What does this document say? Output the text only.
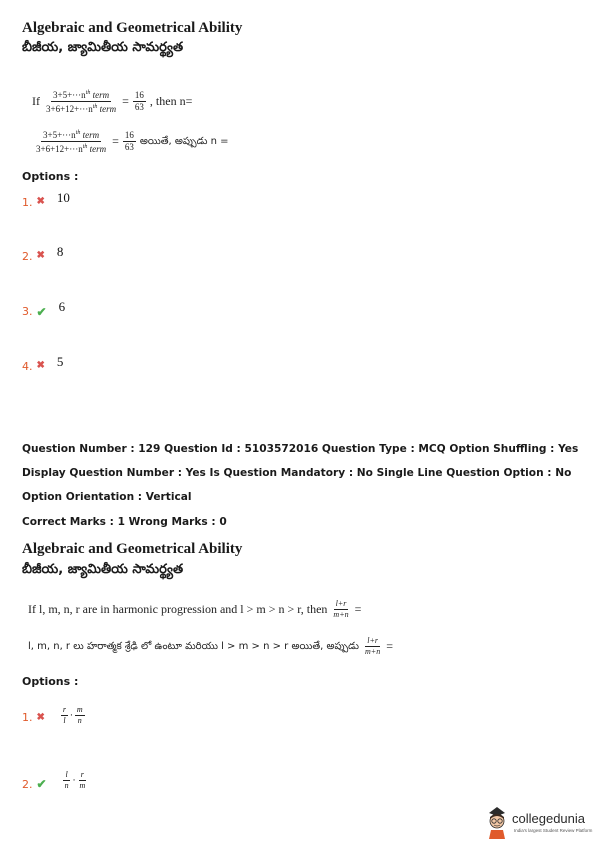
Algebraic and Geometrical Ability
బీజీయ, జ్యామితీయ సామర్థ్యత
If $\frac{3+5+\cdot\cdot\cdot n^{th} term}{3+6+12+\cdot\cdot\cdot n^{th} term} = \frac{16}{63}$ , then n=
$\frac{3+5+\cdot\cdot\cdot n^{th} term}{3+6+12+\cdot\cdot\cdot n^{th} term} = \frac{16}{63}$ అయితే, అప్పుడు n =
Options :
1. ✖ 10
2. ✖ 8
3. ✔ 6
4. ✖ 5
Question Number : 129 Question Id : 5103572016 Question Type : MCQ Option Shuffling : Yes
Display Question Number : Yes Is Question Mandatory : No Single Line Question Option : No
Option Orientation : Vertical
Correct Marks : 1 Wrong Marks : 0
Algebraic and Geometrical Ability
బీజీయ, జ్యామితీయ సామర్థ్యత
If l, m, n, r are in harmonic progression and l > m > n > r, then $\frac{l+r}{m+n}$ =
l, m, n, r లు హరాత్మక శ్రేఢి లో ఉంటూ మరియు l > m > n > r అయితే, అప్పుడు $\frac{l+r}{m+n}$ =
Options :
1. ✖ $\frac{r}{l} \cdot \frac{m}{n}$
2. ✔ $\frac{l}{n} \cdot \frac{r}{m}$
collegedunia
India's largest Student Review Platform
